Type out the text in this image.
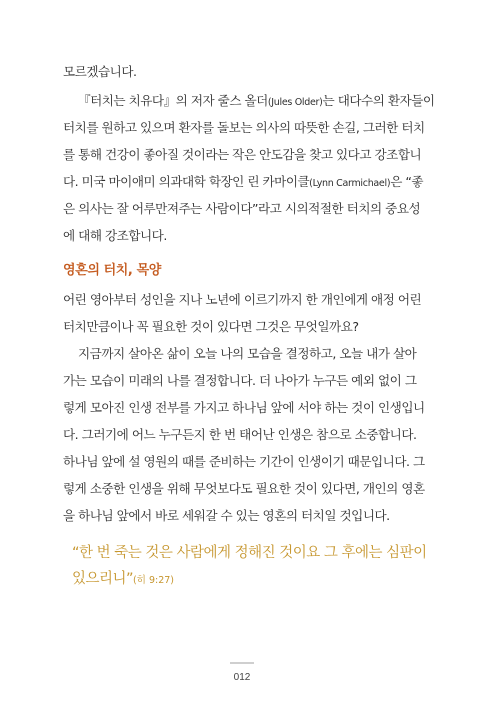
모르겠습니다.
『터치는 치유다』의 저자 줄스 올더(Jules Older)는 대다수의 환자들이
터치를 원하고 있으며 환자를 돌보는 의사의 따뜻한 손길, 그러한 터치
를 통해 건강이 좋아질 것이라는 작은 안도감을 찾고 있다고 강조합니
다. 미국 마이애미 의과대학 학장인 린 카마이클(Lynn Carmichael)은 “좋
은 의사는 잘 어루만져주는 사람이다”라고 시의적절한 터치의 중요성
에 대해 강조합니다.
영혼의 터치, 목양
어린 영아부터 성인을 지나 노년에 이르기까지 한 개인에게 애정 어린
터치만큼이나 꼭 필요한 것이 있다면 그것은 무엇일까요?
지금까지 살아온 삶이 오늘 나의 모습을 결정하고, 오늘 내가 살아
가는 모습이 미래의 나를 결정합니다. 더 나아가 누구든 예외 없이 그
렇게 모아진 인생 전부를 가지고 하나님 앞에 서야 하는 것이 인생입니
다. 그러기에 어느 누구든지 한 번 태어난 인생은 참으로 소중합니다.
하나님 앞에 설 영원의 때를 준비하는 기간이 인생이기 때문입니다. 그
렇게 소중한 인생을 위해 무엇보다도 필요한 것이 있다면, 개인의 영혼
을 하나님 앞에서 바로 세워갈 수 있는 영혼의 터치일 것입니다.
“한 번 죽는 것은 사람에게 정해진 것이요 그 후에는 심판이
있으리니”(히 9:27)
012
